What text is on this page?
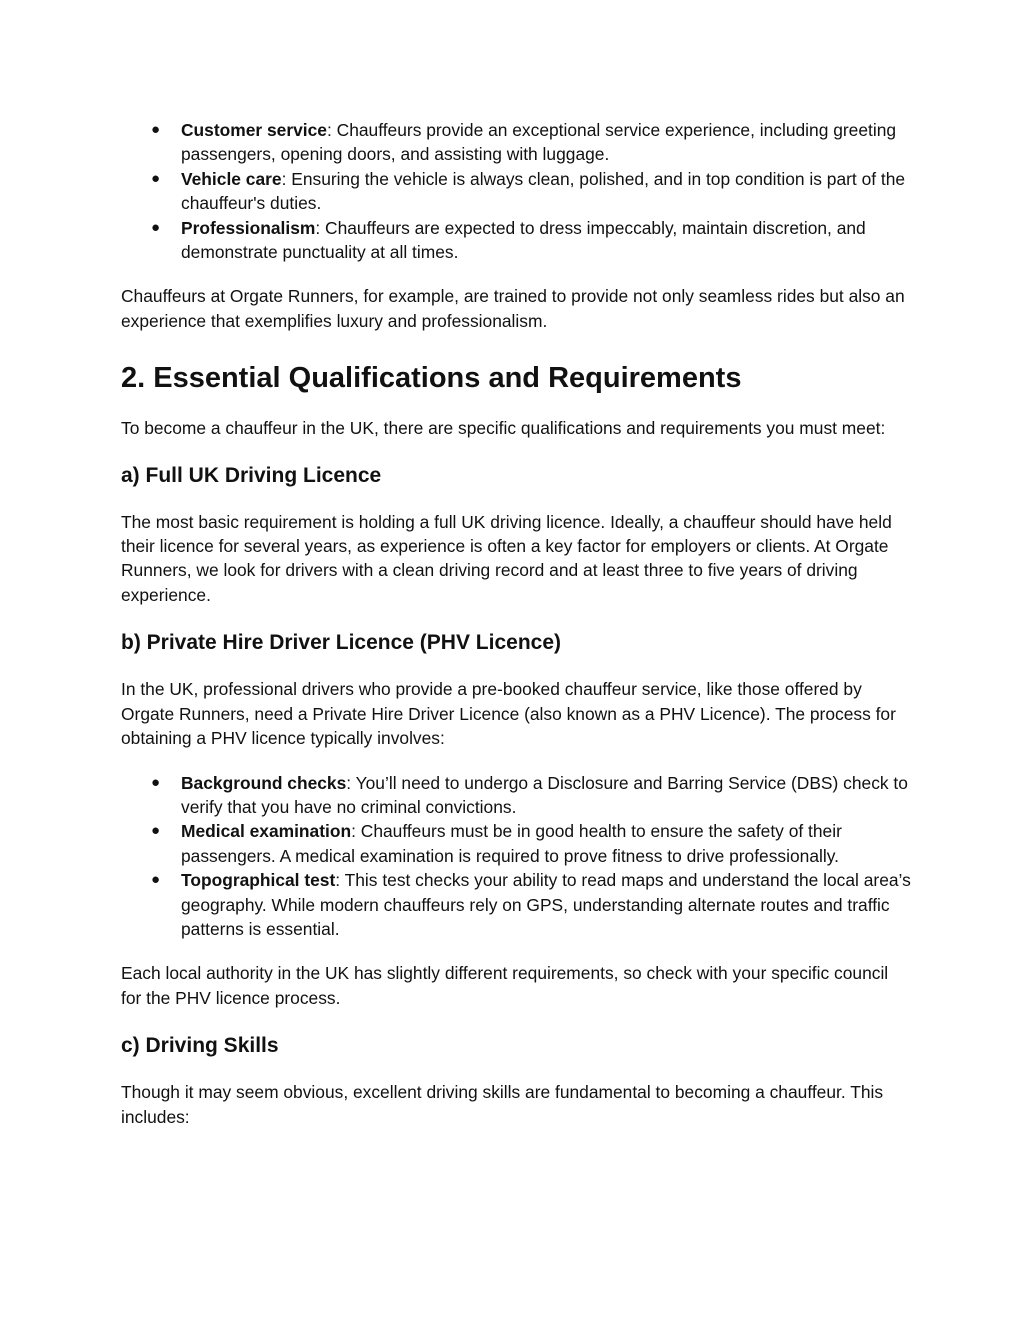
● Customer service: Chauffeurs provide an exceptional service experience, including greeting passengers, opening doors, and assisting with luggage.
● Vehicle care: Ensuring the vehicle is always clean, polished, and in top condition is part of the chauffeur's duties.
● Professionalism: Chauffeurs are expected to dress impeccably, maintain discretion, and demonstrate punctuality at all times.

Chauffeurs at Orgate Runners, for example, are trained to provide not only seamless rides but also an experience that exemplifies luxury and professionalism.

2. Essential Qualifications and Requirements

To become a chauffeur in the UK, there are specific qualifications and requirements you must meet:

a) Full UK Driving Licence

The most basic requirement is holding a full UK driving licence. Ideally, a chauffeur should have held their licence for several years, as experience is often a key factor for employers or clients. At Orgate Runners, we look for drivers with a clean driving record and at least three to five years of driving experience.

b) Private Hire Driver Licence (PHV Licence)

In the UK, professional drivers who provide a pre-booked chauffeur service, like those offered by Orgate Runners, need a Private Hire Driver Licence (also known as a PHV Licence). The process for obtaining a PHV licence typically involves:

● Background checks: You’ll need to undergo a Disclosure and Barring Service (DBS) check to verify that you have no criminal convictions.
● Medical examination: Chauffeurs must be in good health to ensure the safety of their passengers. A medical examination is required to prove fitness to drive professionally.
● Topographical test: This test checks your ability to read maps and understand the local area’s geography. While modern chauffeurs rely on GPS, understanding alternate routes and traffic patterns is essential.

Each local authority in the UK has slightly different requirements, so check with your specific council for the PHV licence process.

c) Driving Skills

Though it may seem obvious, excellent driving skills are fundamental to becoming a chauffeur. This includes:
